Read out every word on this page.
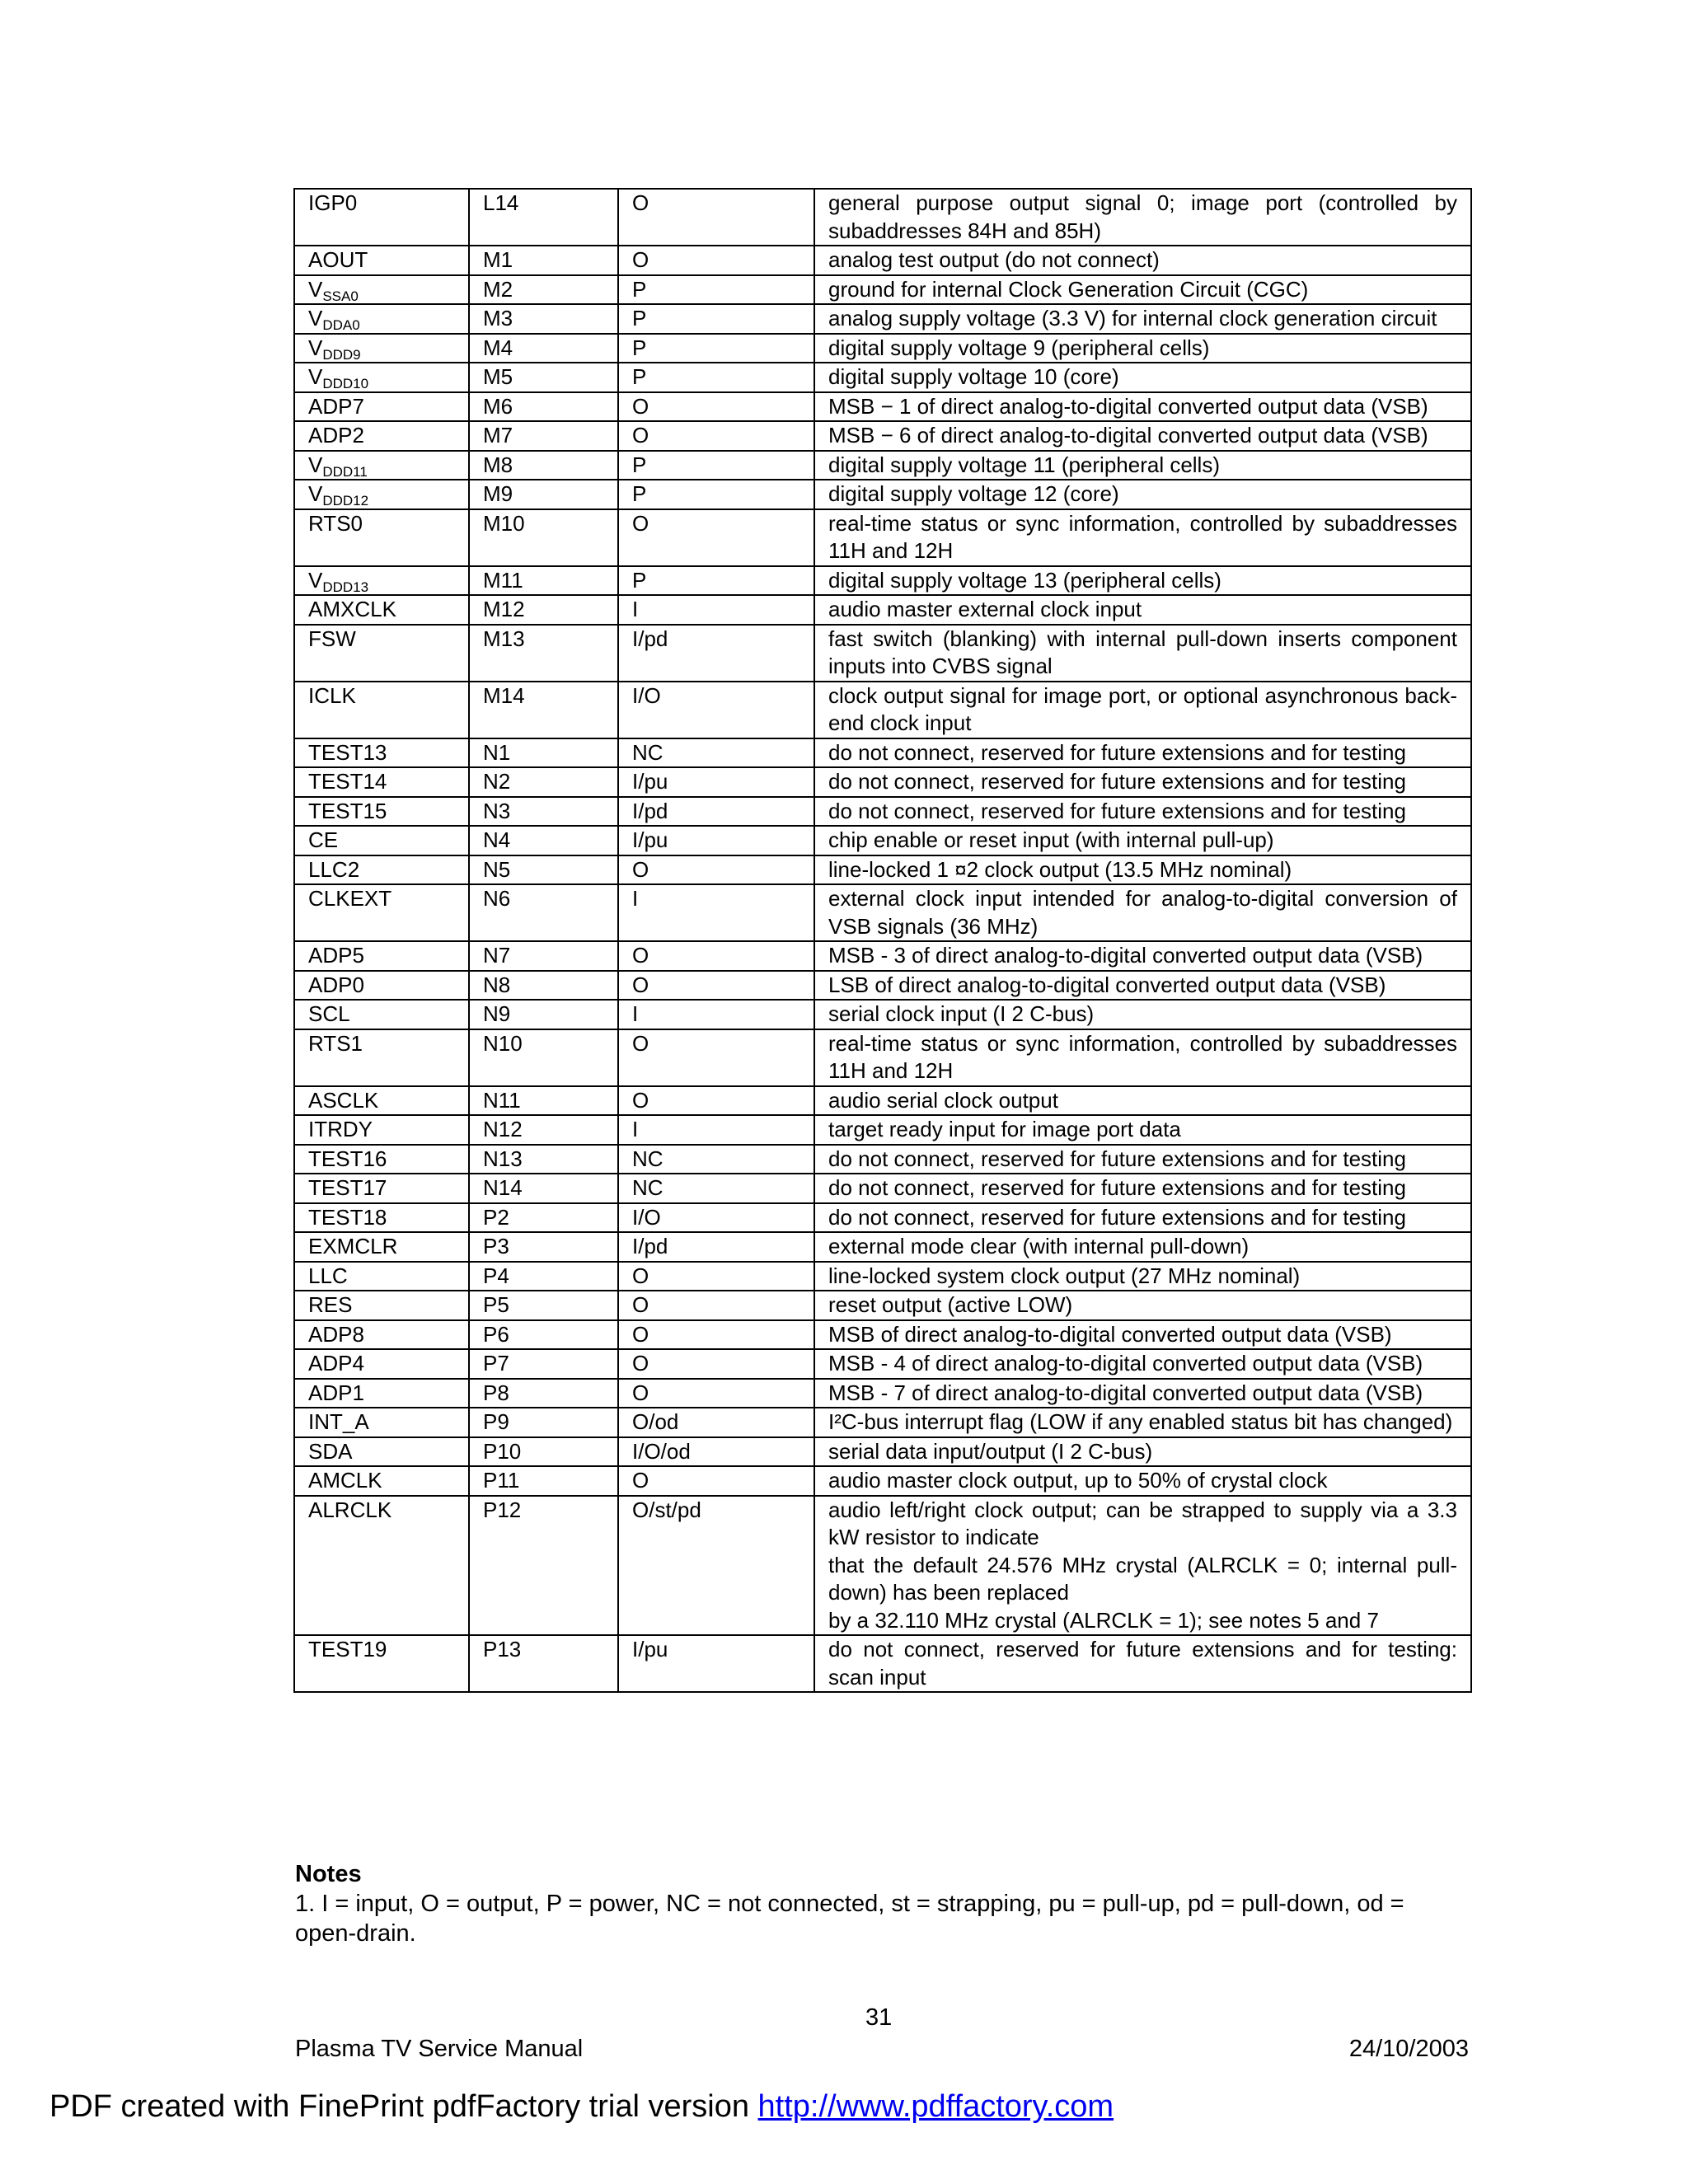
IGP0	L14	O	general purpose output signal 0; image port (controlled by subaddresses 84H and 85H)
AOUT	M1	O	analog test output (do not connect)
$V_{SSA0}$	M2	P	ground for internal Clock Generation Circuit (CGC)
$V_{DDA0}$	M3	P	analog supply voltage (3.3 V) for internal clock generation circuit
$V_{DDD9}$	M4	P	digital supply voltage 9 (peripheral cells)
$V_{DDD10}$	M5	P	digital supply voltage 10 (core)
ADP7	M6	O	MSB − 1 of direct analog-to-digital converted output data (VSB)
ADP2	M7	O	MSB − 6 of direct analog-to-digital converted output data (VSB)
$V_{DDD11}$	M8	P	digital supply voltage 11 (peripheral cells)
$V_{DDD12}$	M9	P	digital supply voltage 12 (core)
RTS0	M10	O	real-time status or sync information, controlled by subaddresses 11H and 12H
$V_{DDD13}$	M11	P	digital supply voltage 13 (peripheral cells)
AMXCLK	M12	I	audio master external clock input
FSW	M13	I/pd	fast switch (blanking) with internal pull-down inserts component inputs into CVBS signal
ICLK	M14	I/O	clock output signal for image port, or optional asynchronous back-end clock input
TEST13	N1	NC	do not connect, reserved for future extensions and for testing
TEST14	N2	I/pu	do not connect, reserved for future extensions and for testing
TEST15	N3	I/pd	do not connect, reserved for future extensions and for testing
CE	N4	I/pu	chip enable or reset input (with internal pull-up)
LLC2	N5	O	line-locked 1 ¤2 clock output (13.5 MHz nominal)
CLKEXT	N6	I	external clock input intended for analog-to-digital conversion of VSB signals (36 MHz)
ADP5	N7	O	MSB - 3 of direct analog-to-digital converted output data (VSB)
ADP0	N8	O	LSB of direct analog-to-digital converted output data (VSB)
SCL	N9	I	serial clock input (I 2 C-bus)
RTS1	N10	O	real-time status or sync information, controlled by subaddresses 11H and 12H
ASCLK	N11	O	audio serial clock output
ITRDY	N12	I	target ready input for image port data
TEST16	N13	NC	do not connect, reserved for future extensions and for testing
TEST17	N14	NC	do not connect, reserved for future extensions and for testing
TEST18	P2	I/O	do not connect, reserved for future extensions and for testing
EXMCLR	P3	I/pd	external mode clear (with internal pull-down)
LLC	P4	O	line-locked system clock output (27 MHz nominal)
RES	P5	O	reset output (active LOW)
ADP8	P6	O	MSB of direct analog-to-digital converted output data (VSB)
ADP4	P7	O	MSB - 4 of direct analog-to-digital converted output data (VSB)
ADP1	P8	O	MSB - 7 of direct analog-to-digital converted output data (VSB)
INT_A	P9	O/od	I²C-bus interrupt flag (LOW if any enabled status bit has changed)
SDA	P10	I/O/od	serial data input/output (I 2 C-bus)
AMCLK	P11	O	audio master clock output, up to 50% of crystal clock
ALRCLK	P12	O/st/pd	audio left/right clock output; can be strapped to supply via a 3.3 kW resistor to indicate
that the default 24.576 MHz crystal (ALRCLK = 0; internal pull-down) has been replaced
by a 32.110 MHz crystal (ALRCLK = 1); see notes 5 and 7
TEST19	P13	I/pu	do not connect, reserved for future extensions and for testing: scan input
Notes
1. I = input, O = output, P = power, NC = not connected, st = strapping, pu = pull-up, pd = pull-down, od = open-drain.
31
Plasma TV Service Manual	24/10/2003
PDF created with FinePrint pdfFactory trial version http://www.pdffactory.com
